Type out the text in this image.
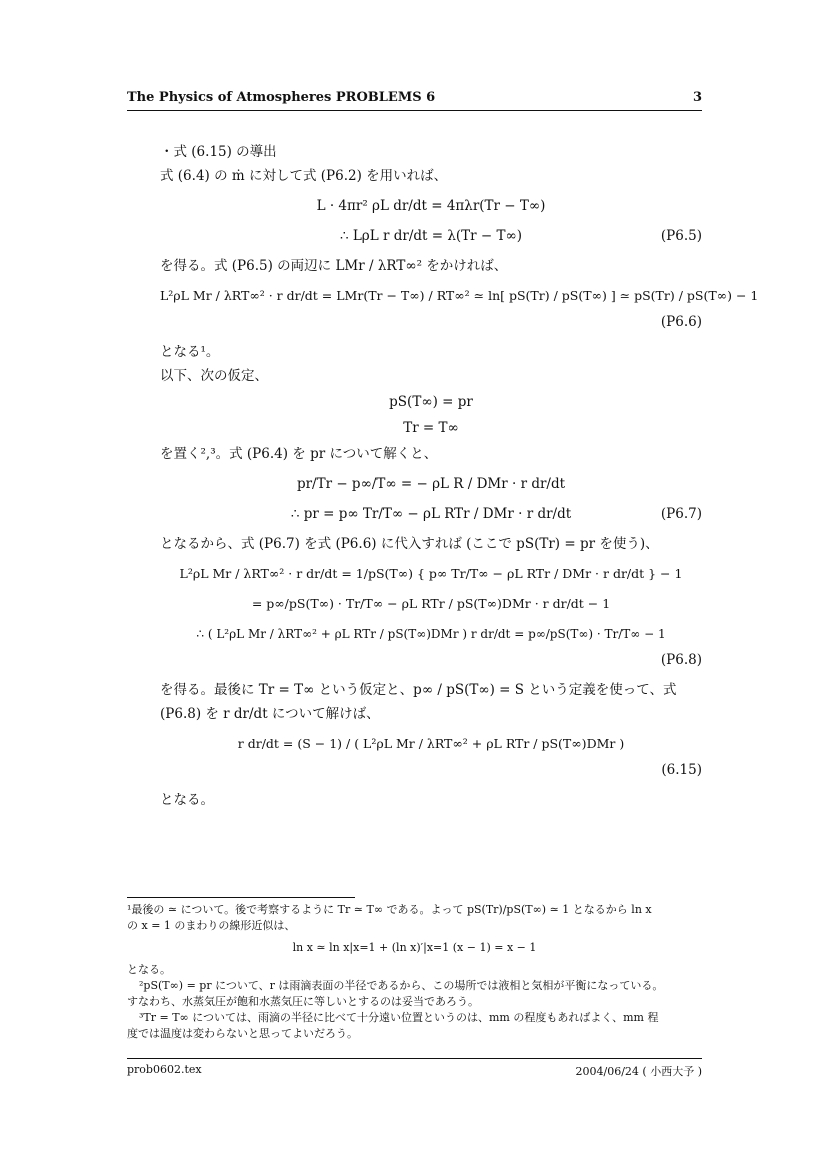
The Physics of Atmospheres PROBLEMS 6	3

・式 (6.15) の導出

式 (6.4) の ṁ に対して式 (P6.2) を用いれば、

L · 4πr² ρL dr/dt = 4πλr(Tr − T∞)
∴ LρL r dr/dt = λ(Tr − T∞)	(P6.5)

を得る。式 (P6.5) の両辺に LMr / λRT∞² をかければ、

L²ρL Mr / λRT∞² · r dr/dt = LMr(Tr − T∞) / RT∞² ≃ ln[ pS(Tr) / pS(T∞) ] ≃ pS(Tr) / pS(T∞) − 1

(P6.6)

となる¹。

以下、次の仮定、

pS(T∞) = pr
Tr = T∞

を置く²,³。式 (P6.4) を pr について解くと、

pr/Tr − p∞/T∞ = − ρL R / DMr · r dr/dt
∴ pr = p∞ Tr/T∞ − ρL RTr / DMr · r dr/dt	(P6.7)

となるから、式 (P6.7) を式 (P6.6) に代入すれば (ここで pS(Tr) = pr を使う)、

L²ρL Mr / λRT∞² · r dr/dt = 1/pS(T∞) { p∞ Tr/T∞ − ρL RTr / DMr · r dr/dt } − 1
= p∞/pS(T∞) · Tr/T∞ − ρL RTr / pS(T∞)DMr · r dr/dt − 1
∴ ( L²ρL Mr / λRT∞² + ρL RTr / pS(T∞)DMr ) r dr/dt = p∞/pS(T∞) · Tr/T∞ − 1

(P6.8)

を得る。最後に Tr = T∞ という仮定と、p∞ / pS(T∞) = S という定義を使って、式

(P6.8) を r dr/dt について解けば、

r dr/dt = (S − 1) / ( L²ρL Mr / λRT∞² + ρL RTr / pS(T∞)DMr )

(6.15)

となる。

¹最後の ≃ について。後で考察するように Tr ≃ T∞ である。よって pS(Tr)/pS(T∞) ≃ 1 となるから ln x

の x = 1 のまわりの線形近似は、

ln x ≃ ln x|x=1 + (ln x)′|x=1 (x − 1) = x − 1

となる。

²pS(T∞) = pr について、r は雨滴表面の半径であるから、この場所では液相と気相が平衡になっている。

すなわち、水蒸気圧が飽和水蒸気圧に等しいとするのは妥当であろう。

³Tr = T∞ については、雨滴の半径に比べて十分遠い位置というのは、mm の程度もあればよく、mm 程

度では温度は変わらないと思ってよいだろう。

prob0602.tex	2004/06/24 ( 小西大予 )
